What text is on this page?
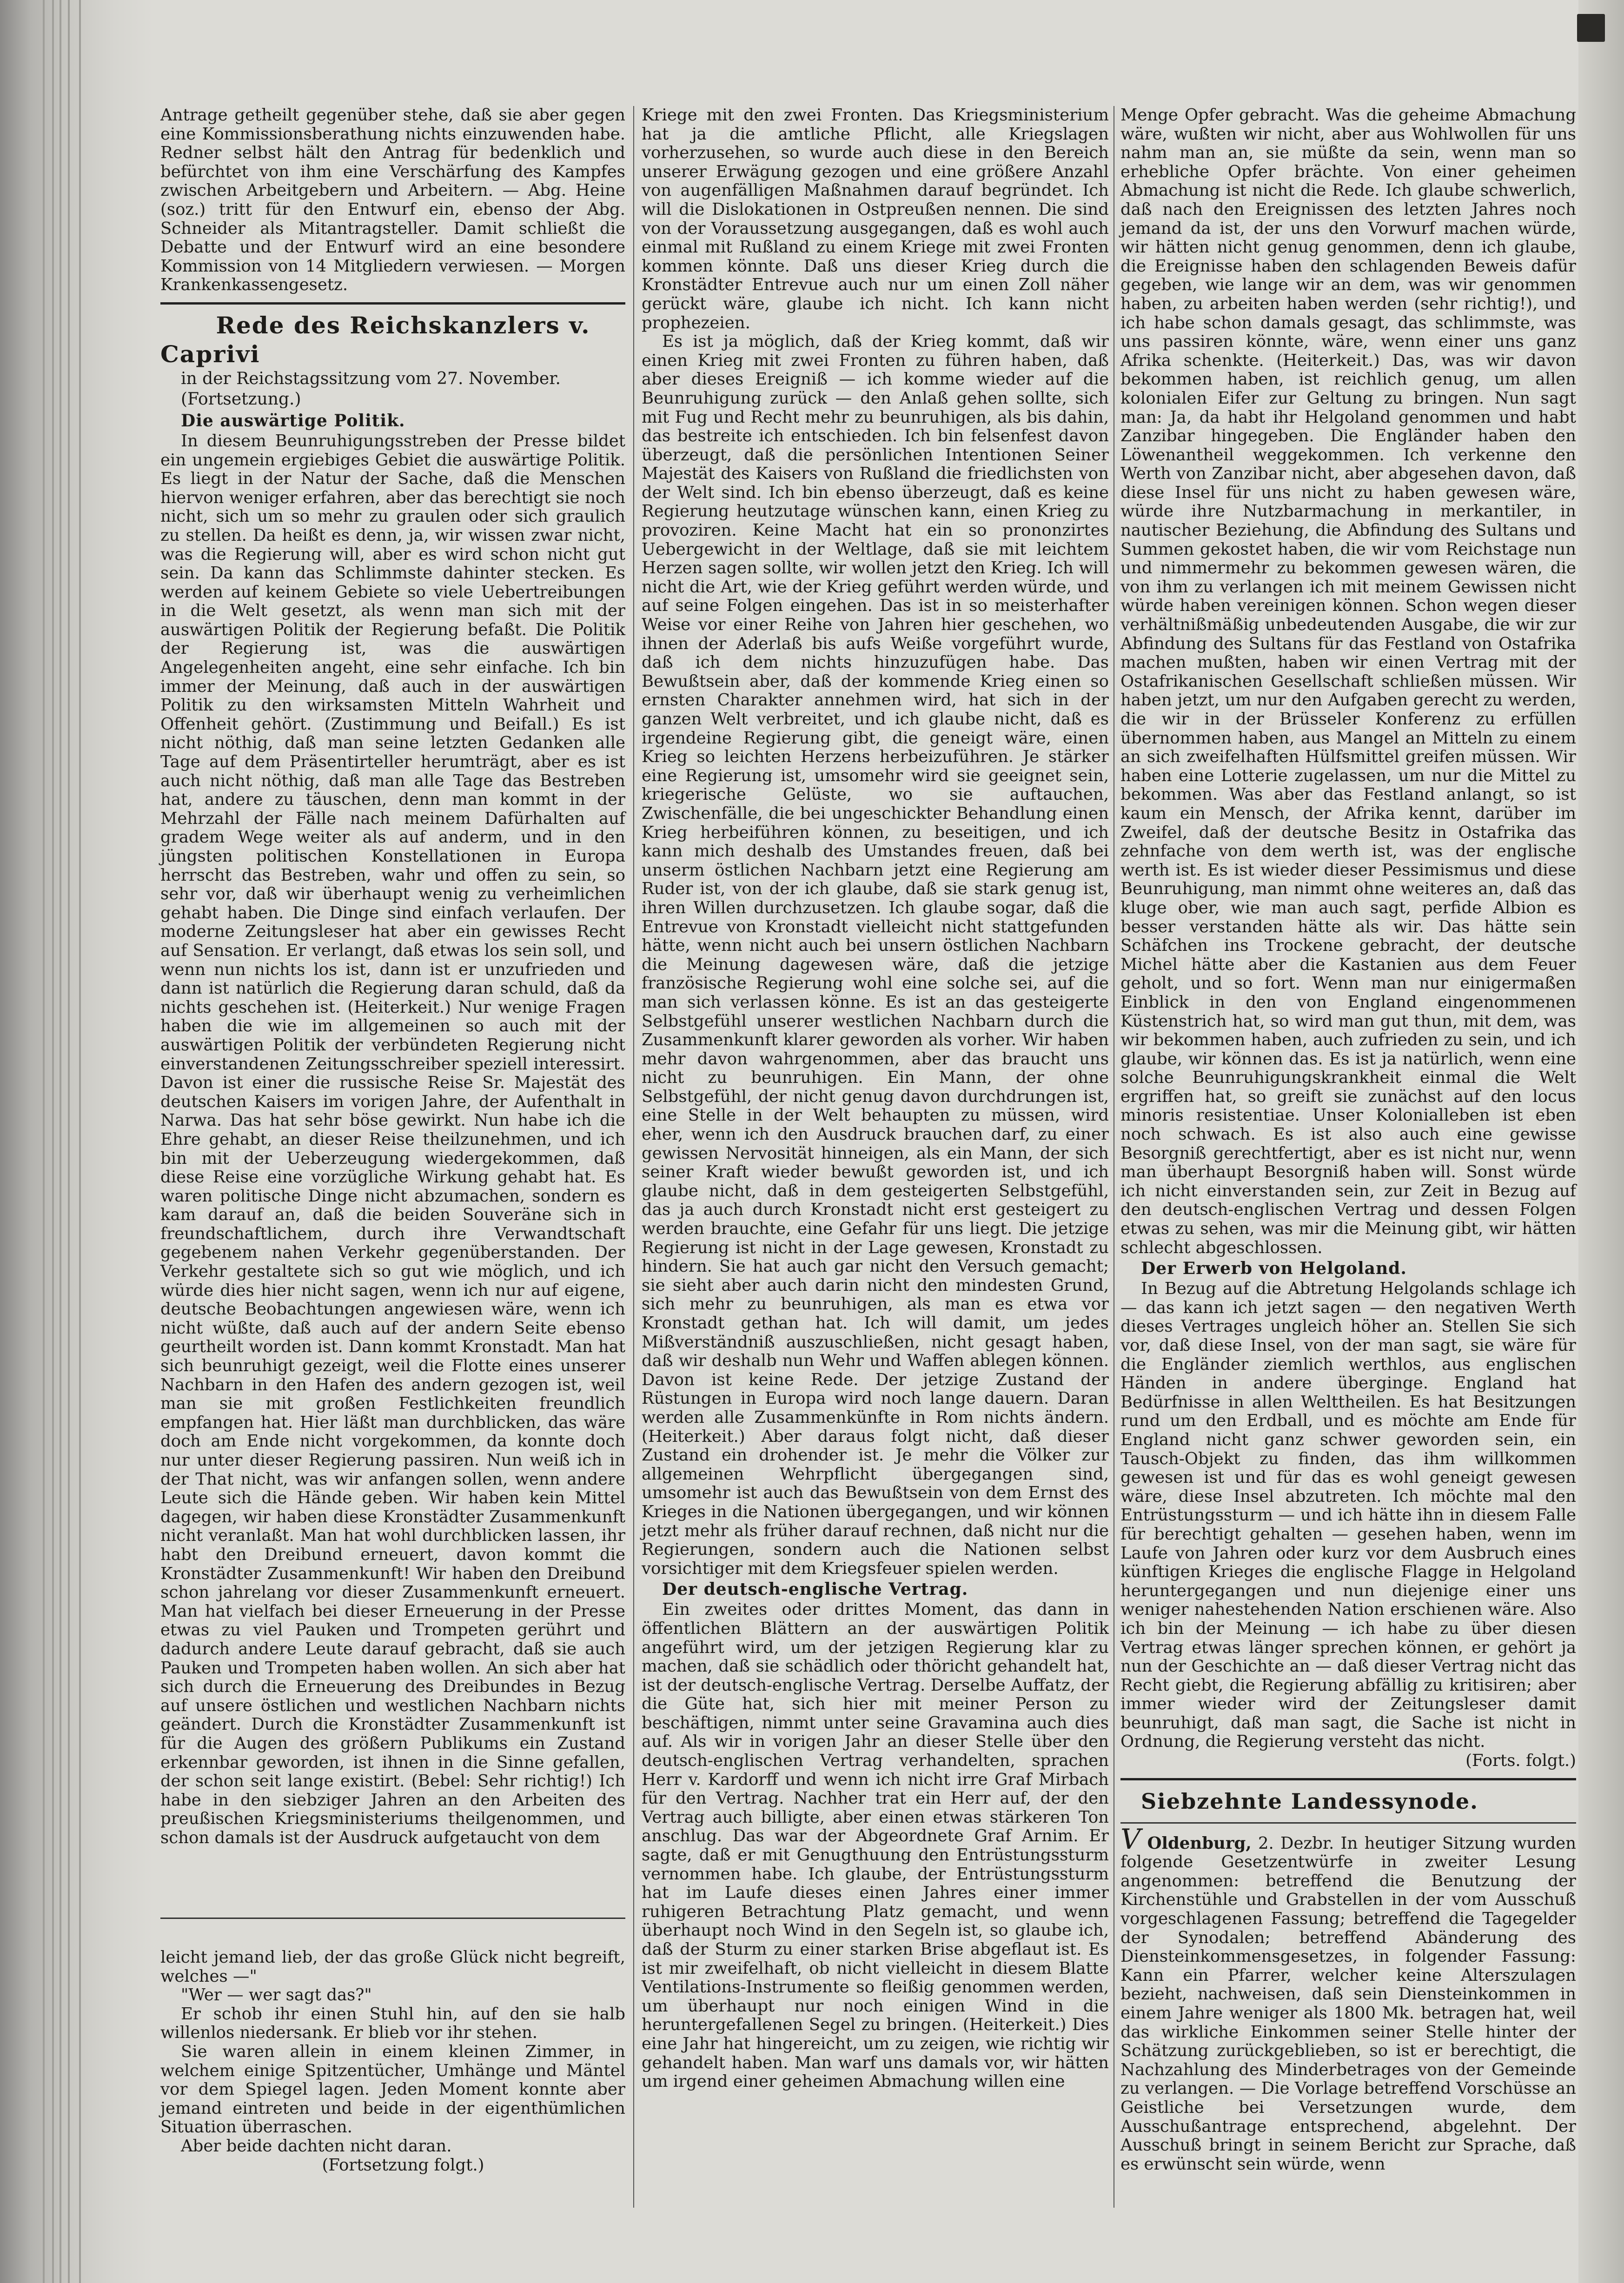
Antrage getheilt gegenüber stehe, daß sie aber gegen eine Kommissionsberathung nichts einzuwenden habe. Redner selbst hält den Antrag für bedenklich und befürchtet von ihm eine Verschärfung des Kampfes zwischen Arbeitgebern und Arbeitern. — Abg. Heine (soz.) tritt für den Entwurf ein, ebenso der Abg. Schneider als Mitantragsteller. Damit schließt die Debatte und der Entwurf wird an eine besondere Kommission von 14 Mitgliedern verwiesen. — Morgen Krankenkassengesetz.

Rede des Reichskanzlers v. Caprivi

in der Reichstagssitzung vom 27. November.

(Fortsetzung.)

Die auswärtige Politik.

In diesem Beunruhigungsstreben der Presse bildet ein ungemein ergiebiges Gebiet die auswärtige Politik. Es liegt in der Natur der Sache, daß die Menschen hiervon weniger erfahren, aber das berechtigt sie noch nicht, sich um so mehr zu graulen oder sich graulich zu stellen. Da heißt es denn, ja, wir wissen zwar nicht, was die Regierung will, aber es wird schon nicht gut sein. Da kann das Schlimmste dahinter stecken. Es werden auf keinem Gebiete so viele Uebertreibungen in die Welt gesetzt, als wenn man sich mit der auswärtigen Politik der Regierung befaßt. Die Politik der Regierung ist, was die auswärtigen Angelegenheiten angeht, eine sehr einfache. Ich bin immer der Meinung, daß auch in der auswärtigen Politik zu den wirksamsten Mitteln Wahrheit und Offenheit gehört. (Zustimmung und Beifall.) Es ist nicht nöthig, daß man seine letzten Gedanken alle Tage auf dem Präsentirteller herumträgt, aber es ist auch nicht nöthig, daß man alle Tage das Bestreben hat, andere zu täuschen, denn man kommt in der Mehrzahl der Fälle nach meinem Dafürhalten auf gradem Wege weiter als auf anderm, und in den jüngsten politischen Konstellationen in Europa herrscht das Bestreben, wahr und offen zu sein, so sehr vor, daß wir überhaupt wenig zu verheimlichen gehabt haben. Die Dinge sind einfach verlaufen. Der moderne Zeitungsleser hat aber ein gewisses Recht auf Sensation. Er verlangt, daß etwas los sein soll, und wenn nun nichts los ist, dann ist er unzufrieden und dann ist natürlich die Regierung daran schuld, daß da nichts geschehen ist. (Heiterkeit.) Nur wenige Fragen haben die wie im allgemeinen so auch mit der auswärtigen Politik der verbündeten Regierung nicht einverstandenen Zeitungsschreiber speziell interessirt. Davon ist einer die russische Reise Sr. Majestät des deutschen Kaisers im vorigen Jahre, der Aufenthalt in Narwa. Das hat sehr böse gewirkt. Nun habe ich die Ehre gehabt, an dieser Reise theilzunehmen, und ich bin mit der Ueberzeugung wiedergekommen, daß diese Reise eine vorzügliche Wirkung gehabt hat. Es waren politische Dinge nicht abzumachen, sondern es kam darauf an, daß die beiden Souveräne sich in freundschaftlichem, durch ihre Verwandtschaft gegebenem nahen Verkehr gegenüberstanden. Der Verkehr gestaltete sich so gut wie möglich, und ich würde dies hier nicht sagen, wenn ich nur auf eigene, deutsche Beobachtungen angewiesen wäre, wenn ich nicht wüßte, daß auch auf der andern Seite ebenso geurtheilt worden ist. Dann kommt Kronstadt. Man hat sich beunruhigt gezeigt, weil die Flotte eines unserer Nachbarn in den Hafen des andern gezogen ist, weil man sie mit großen Festlichkeiten freundlich empfangen hat. Hier läßt man durchblicken, das wäre doch am Ende nicht vorgekommen, da konnte doch nur unter dieser Regierung passiren. Nun weiß ich in der That nicht, was wir anfangen sollen, wenn andere Leute sich die Hände geben. Wir haben kein Mittel dagegen, wir haben diese Kronstädter Zusammenkunft nicht veranlaßt. Man hat wohl durchblicken lassen, ihr habt den Dreibund erneuert, davon kommt die Kronstädter Zusammenkunft! Wir haben den Dreibund schon jahrelang vor dieser Zusammenkunft erneuert. Man hat vielfach bei dieser Erneuerung in der Presse etwas zu viel Pauken und Trompeten gerührt und dadurch andere Leute darauf gebracht, daß sie auch Pauken und Trompeten haben wollen. An sich aber hat sich durch die Erneuerung des Dreibundes in Bezug auf unsere östlichen und westlichen Nachbarn nichts geändert. Durch die Kronstädter Zusammenkunft ist für die Augen des größern Publikums ein Zustand erkennbar geworden, ist ihnen in die Sinne gefallen, der schon seit lange existirt. (Bebel: Sehr richtig!) Ich habe in den siebziger Jahren an den Arbeiten des preußischen Kriegsministeriums theilgenommen, und schon damals ist der Ausdruck aufgetaucht von dem

leicht jemand lieb, der das große Glück nicht begreift, welches —"

"Wer — wer sagt das?"

Er schob ihr einen Stuhl hin, auf den sie halb willenlos niedersank. Er blieb vor ihr stehen.

Sie waren allein in einem kleinen Zimmer, in welchem einige Spitzentücher, Umhänge und Mäntel vor dem Spiegel lagen. Jeden Moment konnte aber jemand eintreten und beide in der eigenthümlichen Situation überraschen.

Aber beide dachten nicht daran.

(Fortsetzung folgt.)

Kriege mit den zwei Fronten. Das Kriegsministerium hat ja die amtliche Pflicht, alle Kriegslagen vorherzusehen, so wurde auch diese in den Bereich unserer Erwägung gezogen und eine größere Anzahl von augenfälligen Maßnahmen darauf begründet. Ich will die Dislokationen in Ostpreußen nennen. Die sind von der Voraussetzung ausgegangen, daß es wohl auch einmal mit Rußland zu einem Kriege mit zwei Fronten kommen könnte. Daß uns dieser Krieg durch die Kronstädter Entrevue auch nur um einen Zoll näher gerückt wäre, glaube ich nicht. Ich kann nicht prophezeien.

Es ist ja möglich, daß der Krieg kommt, daß wir einen Krieg mit zwei Fronten zu führen haben, daß aber dieses Ereigniß — ich komme wieder auf die Beunruhigung zurück — den Anlaß gehen sollte, sich mit Fug und Recht mehr zu beunruhigen, als bis dahin, das bestreite ich entschieden. Ich bin felsenfest davon überzeugt, daß die persönlichen Intentionen Seiner Majestät des Kaisers von Rußland die friedlichsten von der Welt sind. Ich bin ebenso überzeugt, daß es keine Regierung heutzutage wünschen kann, einen Krieg zu provoziren. Keine Macht hat ein so prononzirtes Uebergewicht in der Weltlage, daß sie mit leichtem Herzen sagen sollte, wir wollen jetzt den Krieg. Ich will nicht die Art, wie der Krieg geführt werden würde, und auf seine Folgen eingehen. Das ist in so meisterhafter Weise vor einer Reihe von Jahren hier geschehen, wo ihnen der Aderlaß bis aufs Weiße vorgeführt wurde, daß ich dem nichts hinzuzufügen habe. Das Bewußtsein aber, daß der kommende Krieg einen so ernsten Charakter annehmen wird, hat sich in der ganzen Welt verbreitet, und ich glaube nicht, daß es irgendeine Regierung gibt, die geneigt wäre, einen Krieg so leichten Herzens herbeizuführen. Je stärker eine Regierung ist, umsomehr wird sie geeignet sein, kriegerische Gelüste, wo sie auftauchen, Zwischenfälle, die bei ungeschickter Behandlung einen Krieg herbeiführen können, zu beseitigen, und ich kann mich deshalb des Umstandes freuen, daß bei unserm östlichen Nachbarn jetzt eine Regierung am Ruder ist, von der ich glaube, daß sie stark genug ist, ihren Willen durchzusetzen. Ich glaube sogar, daß die Entrevue von Kronstadt vielleicht nicht stattgefunden hätte, wenn nicht auch bei unsern östlichen Nachbarn die Meinung dagewesen wäre, daß die jetzige französische Regierung wohl eine solche sei, auf die man sich verlassen könne. Es ist an das gesteigerte Selbstgefühl unserer westlichen Nachbarn durch die Zusammenkunft klarer geworden als vorher. Wir haben mehr davon wahrgenommen, aber das braucht uns nicht zu beunruhigen. Ein Mann, der ohne Selbstgefühl, der nicht genug davon durchdrungen ist, eine Stelle in der Welt behaupten zu müssen, wird eher, wenn ich den Ausdruck brauchen darf, zu einer gewissen Nervosität hinneigen, als ein Mann, der sich seiner Kraft wieder bewußt geworden ist, und ich glaube nicht, daß in dem gesteigerten Selbstgefühl, das ja auch durch Kronstadt nicht erst gesteigert zu werden brauchte, eine Gefahr für uns liegt. Die jetzige Regierung ist nicht in der Lage gewesen, Kronstadt zu hindern. Sie hat auch gar nicht den Versuch gemacht; sie sieht aber auch darin nicht den mindesten Grund, sich mehr zu beunruhigen, als man es etwa vor Kronstadt gethan hat. Ich will damit, um jedes Mißverständniß auszuschließen, nicht gesagt haben, daß wir deshalb nun Wehr und Waffen ablegen können. Davon ist keine Rede. Der jetzige Zustand der Rüstungen in Europa wird noch lange dauern. Daran werden alle Zusammenkünfte in Rom nichts ändern. (Heiterkeit.) Aber daraus folgt nicht, daß dieser Zustand ein drohender ist. Je mehr die Völker zur allgemeinen Wehrpflicht übergegangen sind, umsomehr ist auch das Bewußtsein von dem Ernst des Krieges in die Nationen übergegangen, und wir können jetzt mehr als früher darauf rechnen, daß nicht nur die Regierungen, sondern auch die Nationen selbst vorsichtiger mit dem Kriegsfeuer spielen werden.

Der deutsch-englische Vertrag.

Ein zweites oder drittes Moment, das dann in öffentlichen Blättern an der auswärtigen Politik angeführt wird, um der jetzigen Regierung klar zu machen, daß sie schädlich oder thöricht gehandelt hat, ist der deutsch-englische Vertrag. Derselbe Auffatz, der die Güte hat, sich hier mit meiner Person zu beschäftigen, nimmt unter seine Gravamina auch dies auf. Als wir in vorigen Jahr an dieser Stelle über den deutsch-englischen Vertrag verhandelten, sprachen Herr v. Kardorff und wenn ich nicht irre Graf Mirbach für den Vertrag. Nachher trat ein Herr auf, der den Vertrag auch billigte, aber einen etwas stärkeren Ton anschlug. Das war der Abgeordnete Graf Arnim. Er sagte, daß er mit Genugthuung den Entrüstungssturm vernommen habe. Ich glaube, der Entrüstungssturm hat im Laufe dieses einen Jahres einer immer ruhigeren Betrachtung Platz gemacht, und wenn überhaupt noch Wind in den Segeln ist, so glaube ich, daß der Sturm zu einer starken Brise abgeflaut ist. Es ist mir zweifelhaft, ob nicht vielleicht in diesem Blatte Ventilations-Instrumente so fleißig genommen werden, um überhaupt nur noch einigen Wind in die heruntergefallenen Segel zu bringen. (Heiterkeit.) Dies eine Jahr hat hingereicht, um zu zeigen, wie richtig wir gehandelt haben. Man warf uns damals vor, wir hätten um irgend einer geheimen Abmachung willen eine

Menge Opfer gebracht. Was die geheime Abmachung wäre, wußten wir nicht, aber aus Wohlwollen für uns nahm man an, sie müßte da sein, wenn man so erhebliche Opfer brächte. Von einer geheimen Abmachung ist nicht die Rede. Ich glaube schwerlich, daß nach den Ereignissen des letzten Jahres noch jemand da ist, der uns den Vorwurf machen würde, wir hätten nicht genug genommen, denn ich glaube, die Ereignisse haben den schlagenden Beweis dafür gegeben, wie lange wir an dem, was wir genommen haben, zu arbeiten haben werden (sehr richtig!), und ich habe schon damals gesagt, das schlimmste, was uns passiren könnte, wäre, wenn einer uns ganz Afrika schenkte. (Heiterkeit.) Das, was wir davon bekommen haben, ist reichlich genug, um allen kolonialen Eifer zur Geltung zu bringen. Nun sagt man: Ja, da habt ihr Helgoland genommen und habt Zanzibar hingegeben. Die Engländer haben den Löwenantheil weggekommen. Ich verkenne den Werth von Zanzibar nicht, aber abgesehen davon, daß diese Insel für uns nicht zu haben gewesen wäre, würde ihre Nutzbarmachung in merkantiler, in nautischer Beziehung, die Abfindung des Sultans und Summen gekostet haben, die wir vom Reichstage nun und nimmermehr zu bekommen gewesen wären, die von ihm zu verlangen ich mit meinem Gewissen nicht würde haben vereinigen können. Schon wegen dieser verhältnißmäßig unbedeutenden Ausgabe, die wir zur Abfindung des Sultans für das Festland von Ostafrika machen mußten, haben wir einen Vertrag mit der Ostafrikanischen Gesellschaft schließen müssen. Wir haben jetzt, um nur den Aufgaben gerecht zu werden, die wir in der Brüsseler Konferenz zu erfüllen übernommen haben, aus Mangel an Mitteln zu einem an sich zweifelhaften Hülfsmittel greifen müssen. Wir haben eine Lotterie zugelassen, um nur die Mittel zu bekommen. Was aber das Festland anlangt, so ist kaum ein Mensch, der Afrika kennt, darüber im Zweifel, daß der deutsche Besitz in Ostafrika das zehnfache von dem werth ist, was der englische werth ist. Es ist wieder dieser Pessimismus und diese Beunruhigung, man nimmt ohne weiteres an, daß das kluge ober, wie man auch sagt, perfide Albion es besser verstanden hätte als wir. Das hätte sein Schäfchen ins Trockene gebracht, der deutsche Michel hätte aber die Kastanien aus dem Feuer geholt, und so fort. Wenn man nur einigermaßen Einblick in den von England eingenommenen Küstenstrich hat, so wird man gut thun, mit dem, was wir bekommen haben, auch zufrieden zu sein, und ich glaube, wir können das. Es ist ja natürlich, wenn eine solche Beunruhigungskrankheit einmal die Welt ergriffen hat, so greift sie zunächst auf den locus minoris resistentiae. Unser Kolonialleben ist eben noch schwach. Es ist also auch eine gewisse Besorgniß gerechtfertigt, aber es ist nicht nur, wenn man überhaupt Besorgniß haben will. Sonst würde ich nicht einverstanden sein, zur Zeit in Bezug auf den deutsch-englischen Vertrag und dessen Folgen etwas zu sehen, was mir die Meinung gibt, wir hätten schlecht abgeschlossen.

Der Erwerb von Helgoland.

In Bezug auf die Abtretung Helgolands schlage ich — das kann ich jetzt sagen — den negativen Werth dieses Vertrages ungleich höher an. Stellen Sie sich vor, daß diese Insel, von der man sagt, sie wäre für die Engländer ziemlich werthlos, aus englischen Händen in andere überginge. England hat Bedürfnisse in allen Welttheilen. Es hat Besitzungen rund um den Erdball, und es möchte am Ende für England nicht ganz schwer geworden sein, ein Tausch-Objekt zu finden, das ihm willkommen gewesen ist und für das es wohl geneigt gewesen wäre, diese Insel abzutreten. Ich möchte mal den Entrüstungssturm — und ich hätte ihn in diesem Falle für berechtigt gehalten — gesehen haben, wenn im Laufe von Jahren oder kurz vor dem Ausbruch eines künftigen Krieges die englische Flagge in Helgoland heruntergegangen und nun diejenige einer uns weniger nahestehenden Nation erschienen wäre. Also ich bin der Meinung — ich habe zu über diesen Vertrag etwas länger sprechen können, er gehört ja nun der Geschichte an — daß dieser Vertrag nicht das Recht giebt, die Regierung abfällig zu kritisiren; aber immer wieder wird der Zeitungsleser damit beunruhigt, daß man sagt, die Sache ist nicht in Ordnung, die Regierung versteht das nicht.

(Forts. folgt.)

Siebzehnte Landessynode.

V Oldenburg, 2. Dezbr. In heutiger Sitzung wurden folgende Gesetzentwürfe in zweiter Lesung angenommen: betreffend die Benutzung der Kirchenstühle und Grabstellen in der vom Ausschuß vorgeschlagenen Fassung; betreffend die Tagegelder der Synodalen; betreffend Abänderung des Diensteinkommensgesetzes, in folgender Fassung: Kann ein Pfarrer, welcher keine Alterszulagen bezieht, nachweisen, daß sein Diensteinkommen in einem Jahre weniger als 1800 Mk. betragen hat, weil das wirkliche Einkommen seiner Stelle hinter der Schätzung zurückgeblieben, so ist er berechtigt, die Nachzahlung des Minderbetrages von der Gemeinde zu verlangen. — Die Vorlage betreffend Vorschüsse an Geistliche bei Versetzungen wurde, dem Ausschußantrage entsprechend, abgelehnt. Der Ausschuß bringt in seinem Bericht zur Sprache, daß es erwünscht sein würde, wenn
